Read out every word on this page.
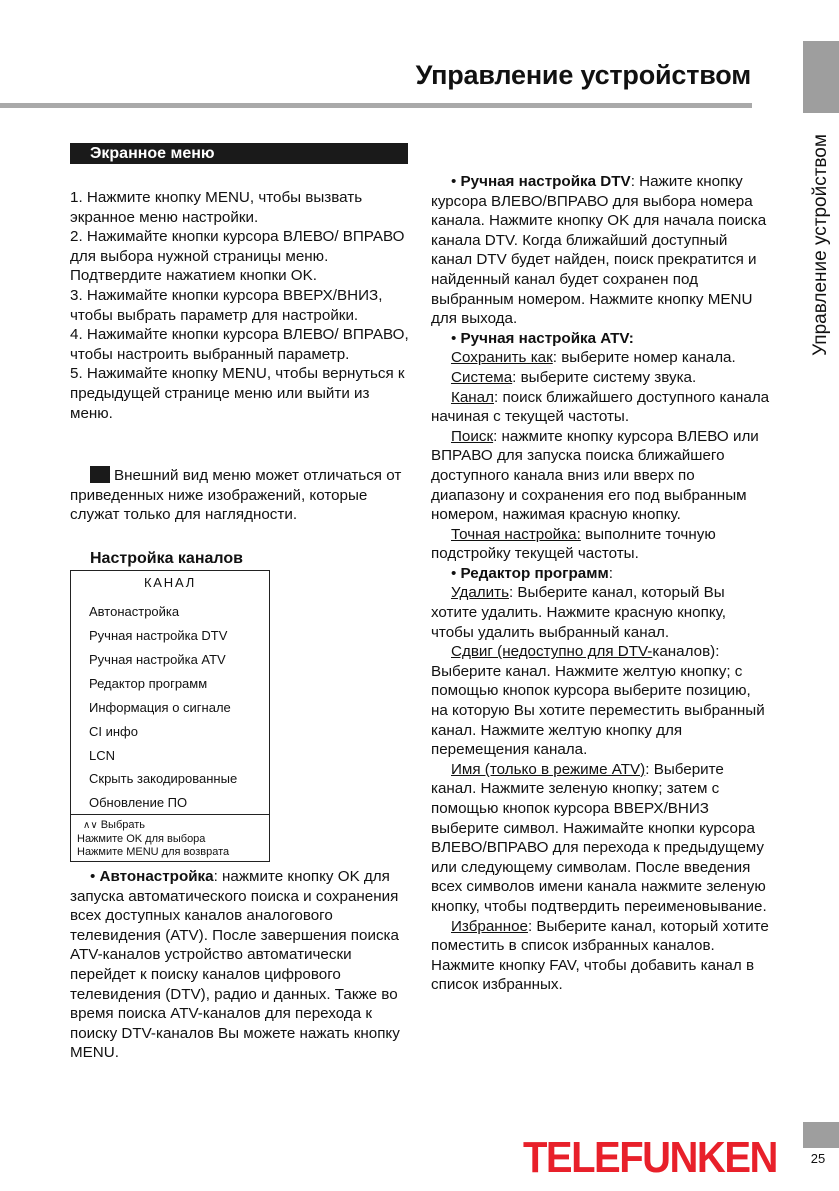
Управление устройством
Управление устройством
Экранное меню

1. Нажмите кнопку MENU, чтобы вызвать экранное меню настройки.

2. Нажимайте кнопки курсора ВЛЕВО/ ВПРАВО для выбора нужной страницы меню. Подтвердите нажатием кнопки OK.

3. Нажимайте кнопки курсора ВВЕРХ/ВНИЗ, чтобы выбрать параметр для настройки.

4. Нажимайте кнопки курсора ВЛЕВО/ ВПРАВО, чтобы настроить выбранный параметр.

5. Нажимайте кнопку MENU, чтобы вернуться к предыдущей странице меню или выйти из меню.

Внешний вид меню может отличаться от приведенных ниже изображений, которые служат только для наглядности.

Настройка каналов
КАНАЛ
Автонастройка
Ручная настройка DTV
Ручная настройка ATV
Редактор программ
Информация о сигнале
CI инфо
LCN
Скрыть закодированные
Обновление ПО
∧∨ Выбрать
Нажмите OK для выбора
Нажмите MENU для возврата

• Автонастройка: нажмите кнопку OK для запуска автоматического поиска и сохранения всех доступных каналов аналогового телевидения (ATV). После завершения поиска ATV-каналов устройство автоматически перейдет к поиску каналов цифрового телевидения (DTV), радио и данных. Также во время поиска ATV-каналов для перехода к поиску DTV-каналов Вы можете нажать кнопку MENU.

• Ручная настройка DTV: Нажите кнопку курсора ВЛЕВО/ВПРАВО для выбора номера канала. Нажмите кнопку OK для начала поиска канала DTV. Когда ближайший доступный канал DTV будет найден, поиск прекратится и найденный канал будет сохранен под выбранным номером. Нажмите кнопку MENU для выхода.

• Ручная настройка ATV:

Сохранить как: выберите номер канала.

Система: выберите систему звука.

Канал: поиск ближайшего доступного канала начиная с текущей частоты.

Поиск: нажмите кнопку курсора ВЛЕВО или ВПРАВО для запуска поиска ближайшего доступного канала вниз или вверх по диапазону и сохранения его под выбранным номером, нажимая красную кнопку.

Точная настройка: выполните точную подстройку текущей частоты.

• Редактор программ:

Удалить: Выберите канал, который Вы хотите удалить. Нажмите красную кнопку, чтобы удалить выбранный канал.

Сдвиг (недоступно для DTV-каналов): Выберите канал. Нажмите желтую кнопку; с помощью кнопок курсора выберите позицию, на которую Вы хотите переместить выбранный канал. Нажмите желтую кнопку для перемещения канала.

Имя (только в режиме ATV): Выберите канал. Нажмите зеленую кнопку; затем с помощью кнопок курсора ВВЕРХ/ВНИЗ выберите символ. Нажимайте кнопки курсора ВЛЕВО/ВПРАВО для перехода к предыдущему или следующему символам. После введения всех символов имени канала нажмите зеленую кнопку, чтобы подтвердить переименовывание.

Избранное: Выберите канал, который хотите поместить в список избранных каналов. Нажмите кнопку FAV, чтобы добавить канал в список избранных.

TELEFUNKEN	25
